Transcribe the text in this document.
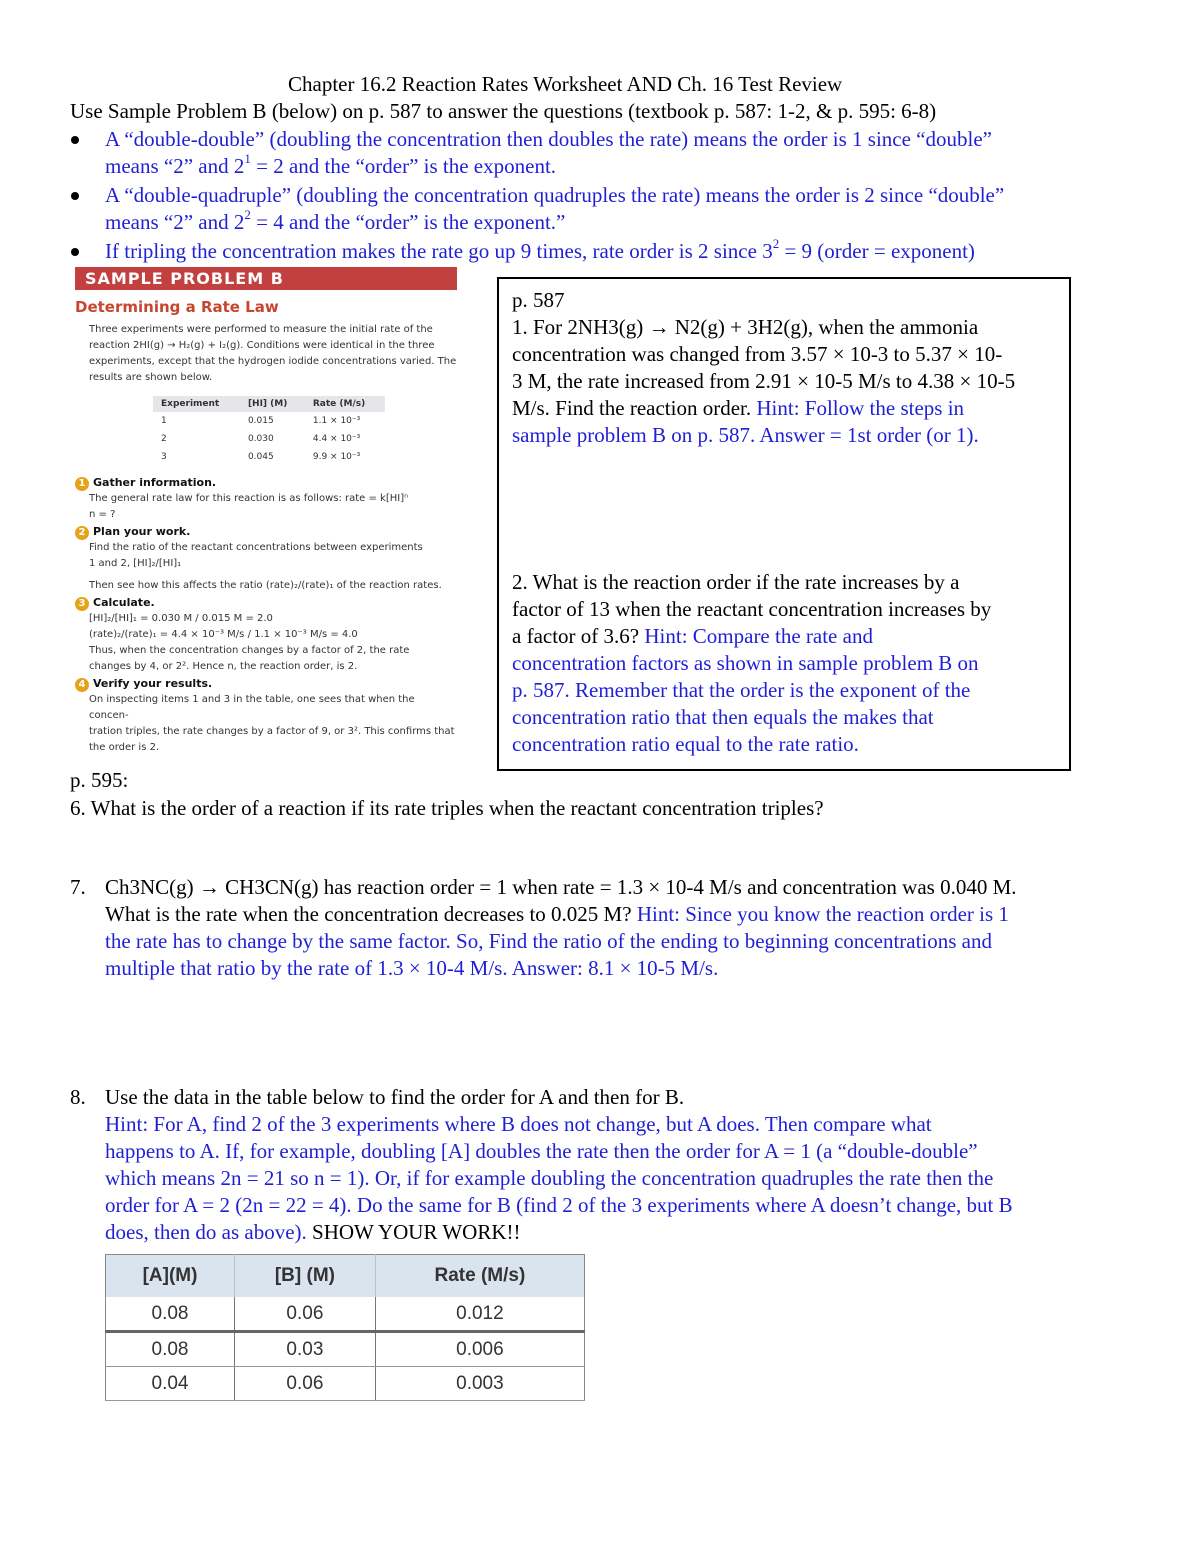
Chapter 16.2 Reaction Rates Worksheet AND Ch. 16 Test Review
Use Sample Problem B (below) on p. 587 to answer the questions (textbook p. 587: 1-2, & p. 595: 6-8)
A “double-double” (doubling the concentration then doubles the rate) means the order is 1 since “double”
means “2” and $2^1 = 2$ and the “order” is the exponent.
A “double-quadruple” (doubling the concentration quadruples the rate) means the order is 2 since “double”
means “2” and $2^2 = 4$ and the “order” is the exponent.”
If tripling the concentration makes the rate go up 9 times, rate order is 2 since $3^2 = 9$ (order = exponent)
SAMPLE PROBLEM B
Determining a Rate Law
Three experiments were performed to measure the initial rate of the
reaction 2HI(g) → H₂(g) + I₂(g). Conditions were identical in the three
experiments, except that the hydrogen iodide concentrations varied. The
results are shown below.
Experiment	[HI] (M)	Rate (M/s)
1	0.015	1.1 × 10⁻³
2	0.030	4.4 × 10⁻³
3	0.045	9.9 × 10⁻³
1 Gather information.
The general rate law for this reaction is as follows: rate = k[HI]ⁿ
n = ?
2 Plan your work.
Find the ratio of the reactant concentrations between experiments
1 and 2, [HI]₂/[HI]₁
Then see how this affects the ratio (rate)₂/(rate)₁ of the reaction rates.
3 Calculate.
[HI]₂/[HI]₁ = 0.030 M / 0.015 M = 2.0
(rate)₂/(rate)₁ = 4.4 × 10⁻³ M/s / 1.1 × 10⁻³ M/s = 4.0
Thus, when the concentration changes by a factor of 2, the rate
changes by 4, or 2². Hence n, the reaction order, is 2.
4 Verify your results.
On inspecting items 1 and 3 in the table, one sees that when the concen-
tration triples, the rate changes by a factor of 9, or 3². This confirms that
the order is 2.
p. 587
1. For 2NH3(g) → N2(g) + 3H2(g), when the ammonia
concentration was changed from 3.57 × 10-3 to 5.37 × 10-
3 M, the rate increased from 2.91 × 10-5 M/s to 4.38 × 10-5
M/s. Find the reaction order. Hint: Follow the steps in
sample problem B on p. 587. Answer = 1st order (or 1).
2. What is the reaction order if the rate increases by a
factor of 13 when the reactant concentration increases by
a factor of 3.6? Hint: Compare the rate and
concentration factors as shown in sample problem B on
p. 587. Remember that the order is the exponent of the
concentration ratio that then equals the makes that
concentration ratio equal to the rate ratio.
p. 595:
6. What is the order of a reaction if its rate triples when the reactant concentration triples?
7. Ch3NC(g) → CH3CN(g) has reaction order = 1 when rate = 1.3 × 10-4 M/s and concentration was 0.040 M.
What is the rate when the concentration decreases to 0.025 M? Hint: Since you know the reaction order is 1
the rate has to change by the same factor. So, Find the ratio of the ending to beginning concentrations and
multiple that ratio by the rate of 1.3 × 10-4 M/s. Answer: 8.1 × 10-5 M/s.
8. Use the data in the table below to find the order for A and then for B.
Hint: For A, find 2 of the 3 experiments where B does not change, but A does. Then compare what
happens to A. If, for example, doubling [A] doubles the rate then the order for A = 1 (a “double-double”
which means 2n = 21 so n = 1). Or, if for example doubling the concentration quadruples the rate then the
order for A = 2 (2n = 22 = 4). Do the same for B (find 2 of the 3 experiments where A doesn’t change, but B
does, then do as above). SHOW YOUR WORK!!
[A](M)	[B] (M)	Rate (M/s)
0.08	0.06	0.012
0.08	0.03	0.006
0.04	0.06	0.003
